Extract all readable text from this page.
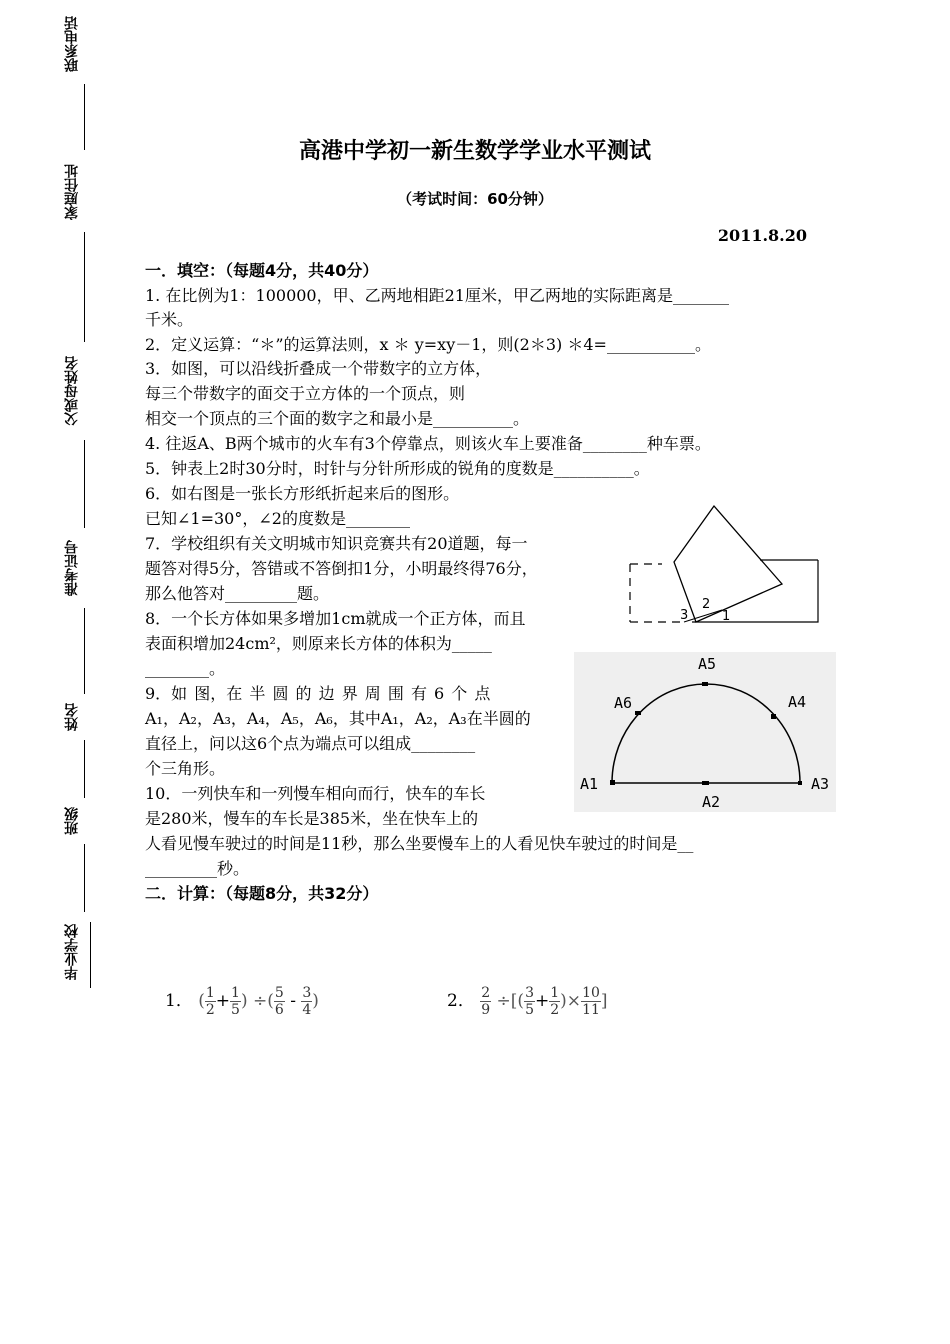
联系电话
家庭住址
父或母姓名
准考证号
姓名
班级
毕业学校
高港中学初一新生数学学业水平测试
（考试时间：60分钟）
2011.8.20
一．填空：（每题4分，共40分）
1. 在比例为1：100000，甲、乙两地相距21厘米，甲乙两地的实际距离是_______
千米。
2．定义运算：“＊”的运算法则，x ＊ y=xy－1，则(2＊3) ＊4=___________。
3．如图，可以沿线折叠成一个带数字的立方体，
每三个带数字的面交于立方体的一个顶点，则
相交一个顶点的三个面的数字之和最小是__________。
4. 往返A、B两个城市的火车有3个停靠点，则该火车上要准备________种车票。
5．钟表上2时30分时，时针与分针所形成的锐角的度数是__________。
6．如右图是一张长方形纸折起来后的图形。
已知∠1=30°，∠2的度数是________
7．学校组织有关文明城市知识竞赛共有20道题，每一
题答对得5分，答错或不答倒扣1分，小明最终得76分，
那么他答对_________题。
8．一个长方体如果多增加1cm就成一个正方体，而且
表面积增加24cm²，则原来长方体的体积为_____
________。
9．如 图，在 半 圆 的 边 界 周 围 有 6 个 点
A₁，A₂，A₃，A₄，A₅，A₆，其中A₁，A₂，A₃在半圆的
直径上，问以这6个点为端点可以组成________
个三角形。
10．一列快车和一列慢车相向而行，快车的车长
是280米，慢车的车长是385米，坐在快车上的
人看见慢车驶过的时间是11秒，那么坐要慢车上的人看见快车驶过的时间是__
_________秒。
二．计算：（每题8分，共32分）
2
3	1
A5
A6	A4
A1
A2
A3
1． ( $\frac{1}{2} + \frac{1}{5}$ ) ÷( $\frac{5}{6} - \frac{3}{4}$ )	2． $\frac{2}{9}$ ÷[( $\frac{3}{5} + \frac{1}{2}$ )× $\frac{10}{11}$ ]
